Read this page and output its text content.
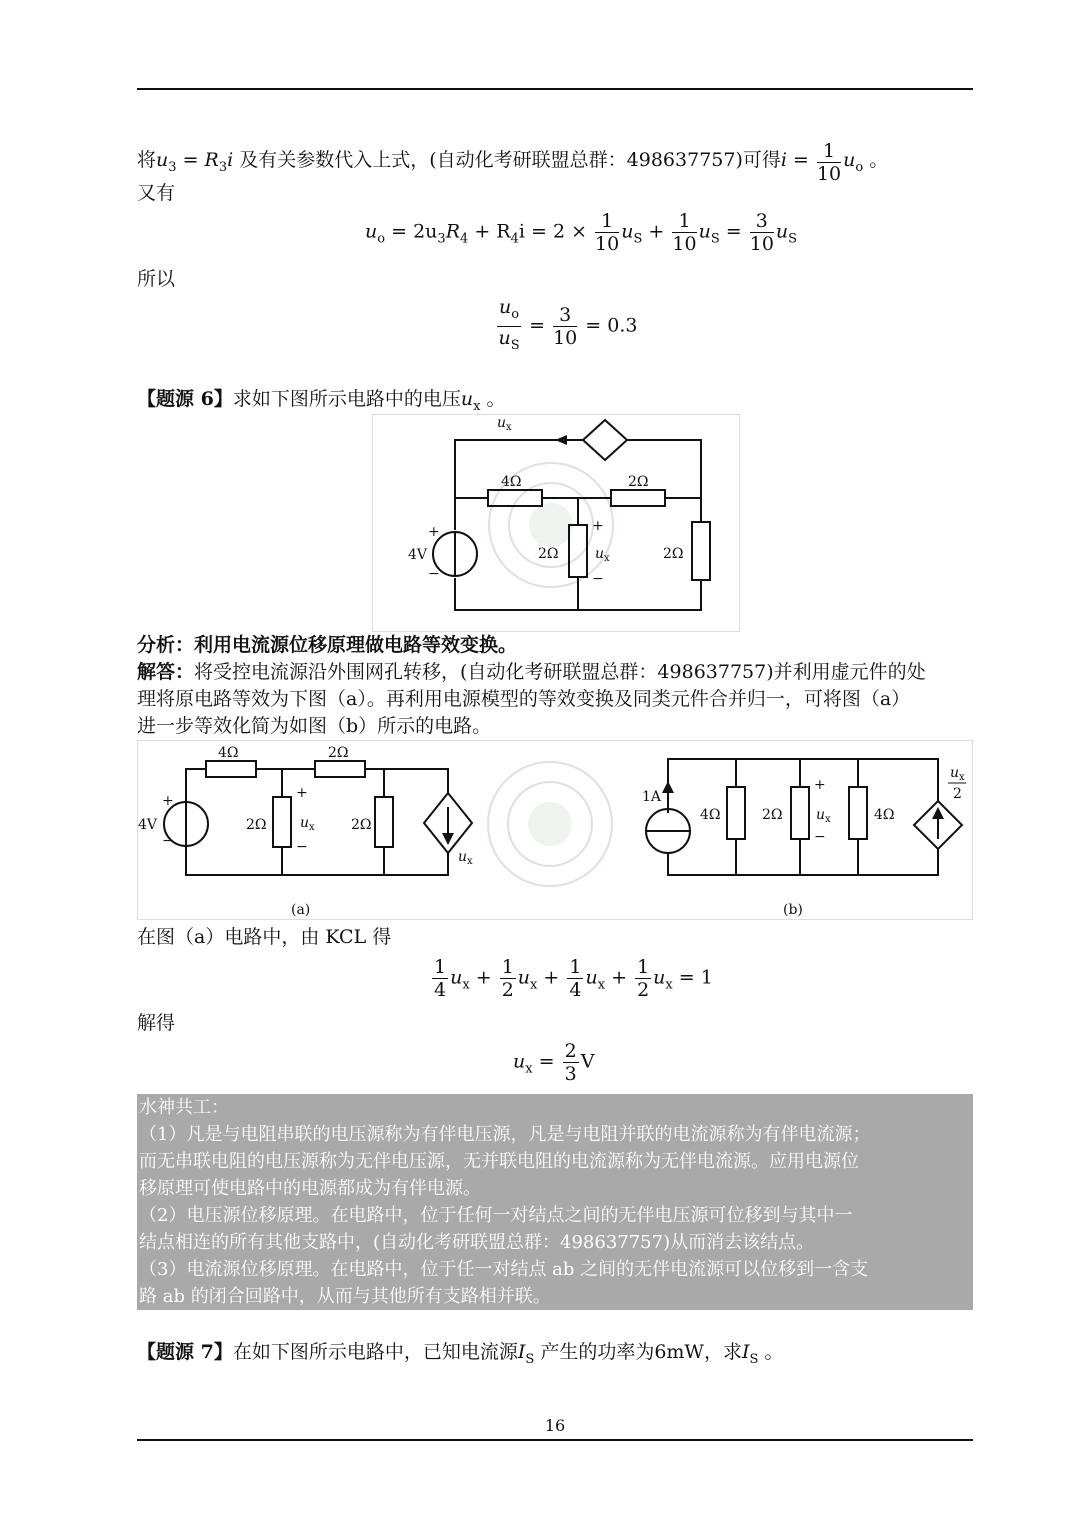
将$u_3 = R_3i$ 及有关参数代入上式，(自动化考研联盟总群：498637757)可得$i = \frac{1}{10} u_o$ 。
又有
$u_o = 2u_3R_4 + R_4i = 2 \times \frac{1}{10} u_S + \frac{1}{10} u_S = \frac{3}{10} u_S$
所以
$\frac{u_o}{u_S} = \frac{3}{10} = 0.3$
【题源 6】求如下图所示电路中的电压$u_x$ 。
u x
4Ω	2Ω
2Ω	2Ω
4V
+
−
+
−
u x
分析：利用电流源位移原理做电路等效变换。
解答：将受控电流源沿外围网孔转移，(自动化考研联盟总群：498637757)并利用虚元件的处
理将原电路等效为下图（a）。再利用电源模型的等效变换及同类元件合并归一，可将图（a）
进一步等效化简为如图（b）所示的电路。
4Ω	2Ω
2Ω	2Ω
4V
+
−
+
−
u x
u x
(a)
1A
4Ω	2Ω	4Ω
+
−
u x
u x
2
(b)
在图（a）电路中，由 KCL 得
$\frac{1}{4} u_x + \frac{1}{2} u_x + \frac{1}{4} u_x + \frac{1}{2} u_x = 1$
解得
$u_x = \frac{2}{3}$ V
水神共工：
（1）凡是与电阻串联的电压源称为有伴电压源，凡是与电阻并联的电流源称为有伴电流源；
而无串联电阻的电压源称为无伴电压源，无并联电阻的电流源称为无伴电流源。应用电源位
移原理可使电路中的电源都成为有伴电源。
（2）电压源位移原理。在电路中，位于任何一对结点之间的无伴电压源可位移到与其中一
结点相连的所有其他支路中，(自动化考研联盟总群：498637757)从而消去该结点。
（3）电流源位移原理。在电路中，位于任一对结点 ab 之间的无伴电流源可以位移到一含支
路 ab 的闭合回路中，从而与其他所有支路相并联。
【题源 7】在如下图所示电路中，已知电流源$I_S$ 产生的功率为6mW，求$I_S$ 。
16
